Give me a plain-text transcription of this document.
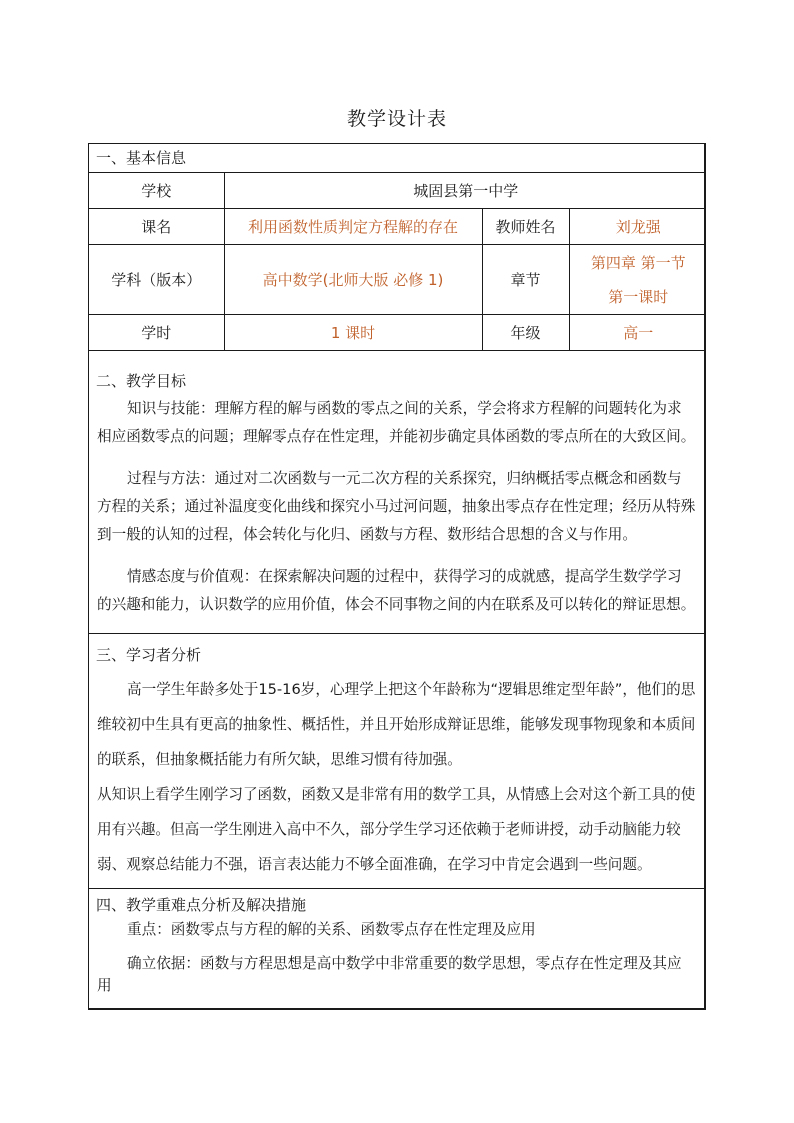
教学设计表
一、基本信息
学校	城固县第一中学		
课名	利用函数性质判定方程解的存在	教师姓名	刘龙强
学科（版本）	高中数学(北师大版 必修 1)	章节	第四章 第一节
第一课时

学时	1 课时	年级	高一
二、教学目标

知识与技能：理解方程的解与函数的零点之间的关系，学会将求方程解的问题转化为求相应函数零点的问题；理解零点存在性定理，并能初步确定具体函数的零点所在的大致区间。

过程与方法：通过对二次函数与一元二次方程的关系探究，归纳概括零点概念和函数与方程的关系；通过补温度变化曲线和探究小马过河问题，抽象出零点存在性定理；经历从特殊到一般的认知的过程，体会转化与化归、函数与方程、数形结合思想的含义与作用。

情感态度与价值观：在探索解决问题的过程中，获得学习的成就感，提高学生数学学习的兴趣和能力，认识数学的应用价值，体会不同事物之间的内在联系及可以转化的辩证思想。

三、学习者分析

高一学生年龄多处于15-16岁，心理学上把这个年龄称为“逻辑思维定型年龄”，他们的思维较初中生具有更高的抽象性、概括性，并且开始形成辩证思维，能够发现事物现象和本质间的联系，但抽象概括能力有所欠缺，思维习惯有待加强。

从知识上看学生刚学习了函数，函数又是非常有用的数学工具，从情感上会对这个新工具的使用有兴趣。但高一学生刚进入高中不久，部分学生学习还依赖于老师讲授，动手动脑能力较弱、观察总结能力不强，语言表达能力不够全面准确，在学习中肯定会遇到一些问题。

四、教学重难点分析及解决措施

重点：函数零点与方程的解的关系、函数零点存在性定理及应用

确立依据：函数与方程思想是高中数学中非常重要的数学思想，零点存在性定理及其应用
